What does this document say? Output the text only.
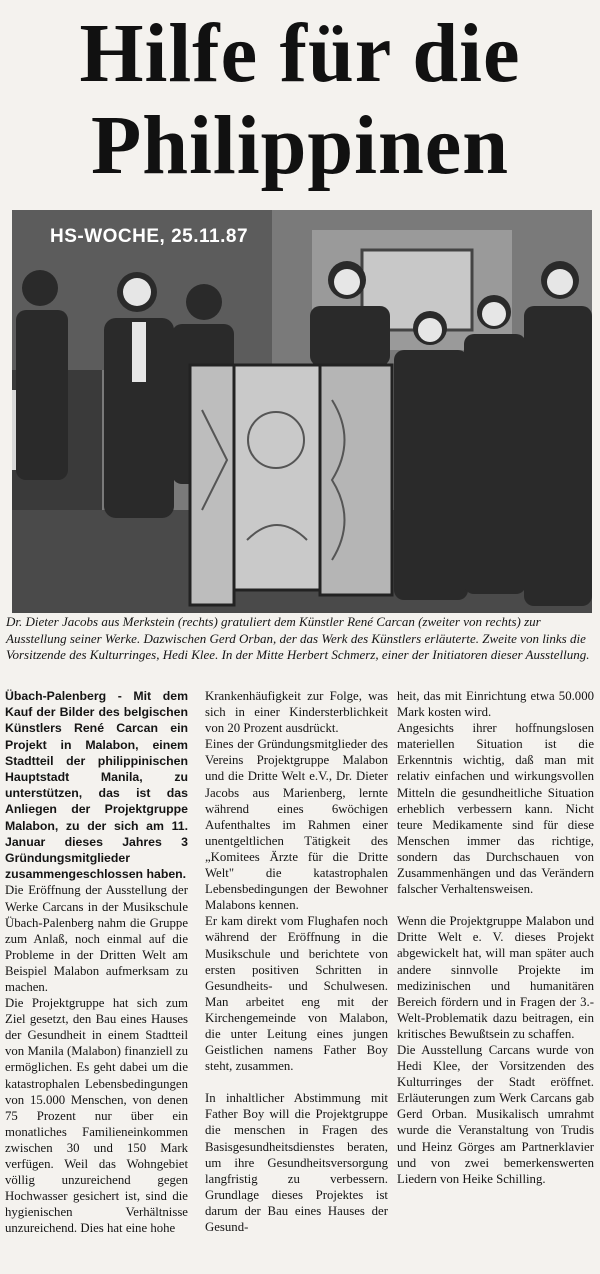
Hilfe für die
Philippinen
HS-WOCHE, 25.11.87
Dr. Dieter Jacobs aus Merkstein (rechts) gratuliert dem Künstler René Carcan (zweiter von rechts) zur Ausstellung seiner Werke. Dazwischen Gerd Orban, der das Werk des Künstlers erläuterte. Zweite von links die Vorsitzende des Kulturringes, Hedi Klee. In der Mitte Herbert Schmerz, einer der Initiatoren dieser Ausstellung.

Übach-Palenberg - Mit dem Kauf der Bilder des belgischen Künstlers René Carcan ein Projekt in Malabon, einem Stadtteil der philippinischen Hauptstadt Manila, zu unterstützen, das ist das Anliegen der Projektgruppe Malabon, zu der sich am 11. Januar dieses Jahres 3 Gründungsmitglieder zusammengeschlossen haben.

Die Eröffnung der Ausstellung der Werke Carcans in der Musikschule Übach-Palenberg nahm die Gruppe zum Anlaß, noch einmal auf die Probleme in der Dritten Welt am Beispiel Malabon aufmerksam zu machen.

Die Projektgruppe hat sich zum Ziel gesetzt, den Bau eines Hauses der Gesundheit in einem Stadtteil von Manila (Malabon) finanziell zu ermöglichen. Es geht dabei um die katastrophalen Lebensbedingungen von 15.000 Menschen, von denen 75 Prozent nur über ein monatliches Familieneinkommen zwischen 30 und 150 Mark verfügen. Weil das Wohngebiet völlig unzureichend gegen Hochwasser gesichert ist, sind die hygienischen Verhältnisse unzureichend. Dies hat eine hohe

Krankenhäufigkeit zur Folge, was sich in einer Kindersterblichkeit von 20 Prozent ausdrückt.

Eines der Gründungsmitglieder des Vereins Projektgruppe Malabon und die Dritte Welt e.V., Dr. Dieter Jacobs aus Marienberg, lernte während eines 6wöchigen Aufenthaltes im Rahmen einer unentgeltlichen Tätigkeit des „Komitees Ärzte für die Dritte Welt" die katastrophalen Lebensbedingungen der Bewohner Malabons kennen.

Er kam direkt vom Flughafen noch während der Eröffnung in die Musikschule und berichtete von ersten positiven Schritten in Gesundheits- und Schulwesen. Man arbeitet eng mit der Kirchengemeinde von Malabon, die unter Leitung eines jungen Geistlichen namens Father Boy steht, zusammen.

In inhaltlicher Abstimmung mit Father Boy will die Projektgruppe die menschen in Fragen des Basisgesundheitsdienstes beraten, um ihre Gesundheitsversorgung langfristig zu verbessern. Grundlage dieses Projektes ist darum der Bau eines Hauses der Gesund-

heit, das mit Einrichtung etwa 50.000 Mark kosten wird.

Angesichts ihrer hoffnungslosen materiellen Situation ist die Erkenntnis wichtig, daß man mit relativ einfachen und wirkungsvollen Mitteln die gesundheitliche Situation erheblich verbessern kann. Nicht teure Medikamente sind für diese Menschen immer das richtige, sondern das Durchschauen von Zusammenhängen und das Verändern falscher Verhaltensweisen.

Wenn die Projektgruppe Malabon und Dritte Welt e. V. dieses Projekt abgewickelt hat, will man später auch andere sinnvolle Projekte im medizinischen und humanitären Bereich fördern und in Fragen der 3.-Welt-Problematik dazu beitragen, ein kritisches Bewußtsein zu schaffen.

Die Ausstellung Carcans wurde von Hedi Klee, der Vorsitzenden des Kulturringes der Stadt eröffnet. Erläuterungen zum Werk Carcans gab Gerd Orban. Musikalisch umrahmt wurde die Veranstaltung von Trudis und Heinz Görges am Partnerklavier und von zwei bemerkenswerten Liedern von Heike Schilling.
